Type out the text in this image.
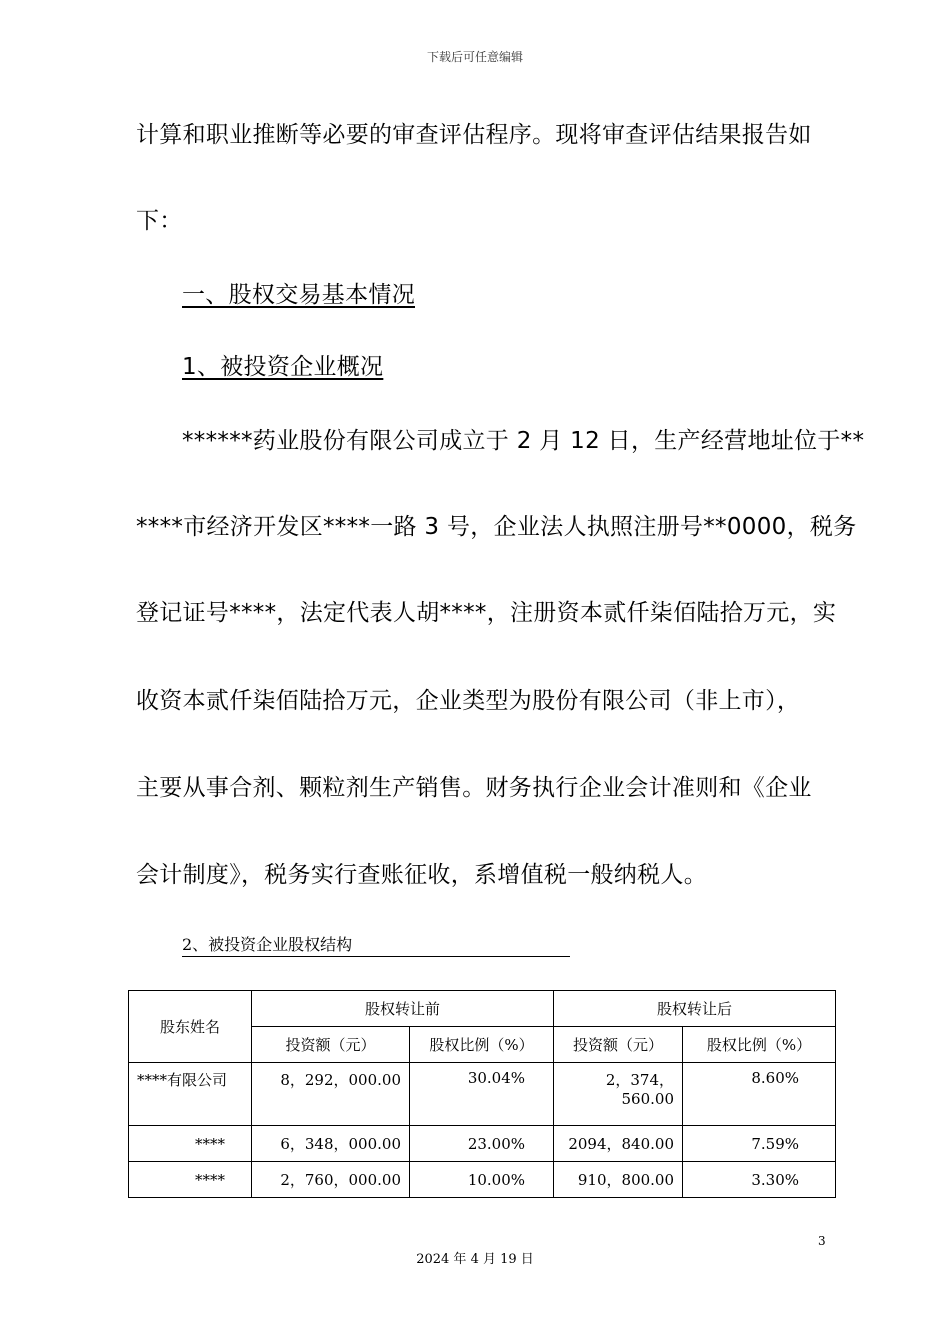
下载后可任意编辑
计算和职业推断等必要的审查评估程序。现将审查评估结果报告如
下：
一、股权交易基本情况
1、被投资企业概况
******药业股份有限公司成立于 2 月 12 日，生产经营地址位于**
****市经济开发区****一路 3 号，企业法人执照注册号**0000，税务
登记证号****，法定代表人胡****，注册资本贰仟柒佰陆拾万元，实
收资本贰仟柒佰陆拾万元，企业类型为股份有限公司（非上市），
主要从事合剂、颗粒剂生产销售。财务执行企业会计准则和《企业
会计制度》，税务实行查账征收，系增值税一般纳税人。
2、被投资企业股权结构
股东姓名	股权转让前		股权转让后	
	投资额（元）	股权比例（%）	投资额（元）	股权比例（%）
****有限公司	8，292，000.00	30.04%	2，374，560.00	8.60%
****	6，348，000.00	23.00%	2094，840.00	7.59%
****	2，760，000.00	10.00%	910，800.00	3.30%
3
2024 年 4 月 19 日
